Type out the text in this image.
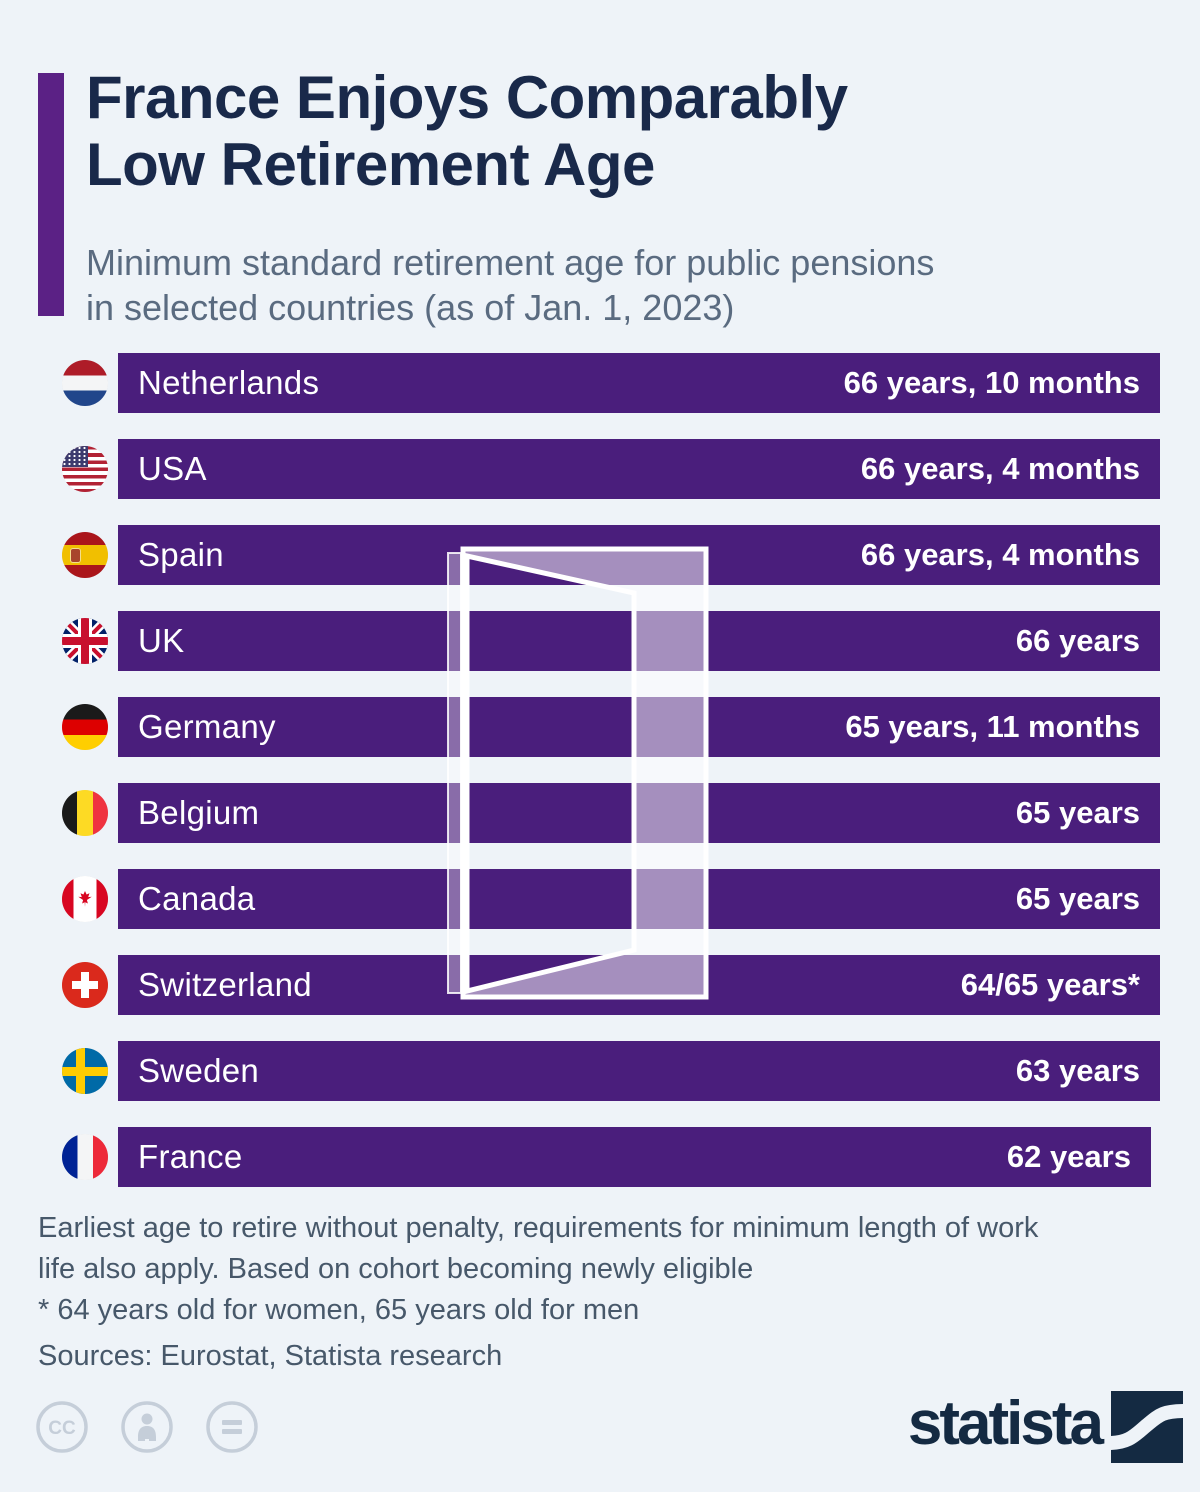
France Enjoys Comparably
Low Retirement Age

Minimum standard retirement age for public pensions
in selected countries (as of Jan. 1, 2023)

Netherlands	66 years, 10 months
USA	66 years, 4 months
Spain	66 years, 4 months
UK	66 years
Germany	65 years, 11 months
Belgium	65 years
Canada	65 years
Switzerland	64/65 years*
Sweden	63 years
France	62 years
Earliest age to retire without penalty, requirements for minimum length of work
life also apply. Based on cohort becoming newly eligible
* 64 years old for women, 65 years old for men
Sources: Eurostat, Statista research
CC	statista
